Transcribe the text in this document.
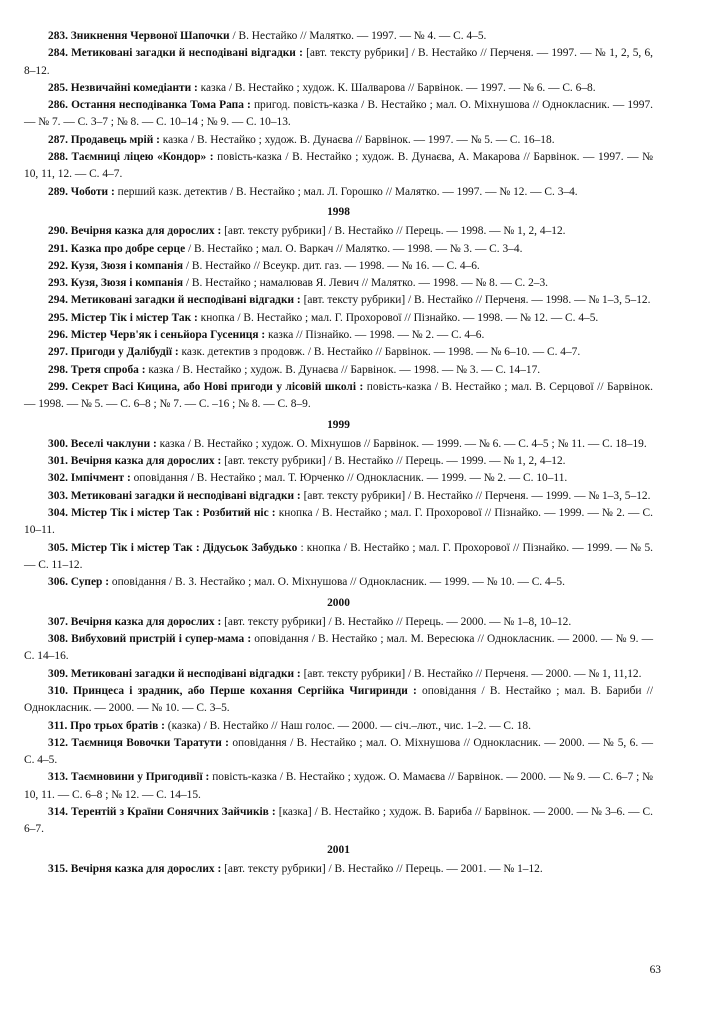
283. Зникнення Червоної Шапочки / В. Нестайко // Малятко. — 1997. — № 4. — С. 4–5.

284. Метиковані загадки й несподівані відгадки : [авт. тексту рубрики] / В. Нестайко // Перченя. — 1997. — № 1, 2, 5, 6, 8–12.

285. Незвичайні комедіанти : казка / В. Нестайко ; худож. К. Шалварова // Барвінок. — 1997. — № 6. — С. 6–8.

286. Остання несподіванка Тома Рапа : пригод. повість-казка / В. Нестайко ; мал. О. Міхнушова // Однокласник. — 1997. — № 7. — С. 3–7 ; № 8. — С. 10–14 ; № 9. — С. 10–13.

287. Продавець мрій : казка / В. Нестайко ; худож. В. Дунаєва // Барвінок. — 1997. — № 5. — С. 16–18.

288. Таємниці ліцею «Кондор» : повість-казка / В. Нестайко ; худож. В. Дунаєва, А. Макарова // Барвінок. — 1997. — № 10, 11, 12. — С. 4–7.

289. Чоботи : перший казк. детектив / В. Нестайко ; мал. Л. Горошко // Малятко. — 1997. — № 12. — С. 3–4.

1998

290. Вечірня казка для дорослих : [авт. тексту рубрики] / В. Нестайко // Перець. — 1998. — № 1, 2, 4–12.

291. Казка про добре серце / В. Нестайко ; мал. О. Варкач // Малятко. — 1998. — № 3. — С. 3–4.

292. Кузя, Зюзя і компанія / В. Нестайко // Всеукр. дит. газ. — 1998. — № 16. — С. 4–6.

293. Кузя, Зюзя і компанія / В. Нестайко ; намалював Я. Левич // Малятко. — 1998. — № 8. — С. 2–3.

294. Метиковані загадки й несподівані відгадки : [авт. тексту рубрики] / В. Нестайко // Перченя. — 1998. — № 1–3, 5–12.

295. Містер Тік і містер Так : кнопка / В. Нестайко ; мал. Г. Прохорової // Пізнайко. — 1998. — № 12. — С. 4–5.

296. Містер Черв'як і сеньйора Гусениця : казка // Пізнайко. — 1998. — № 2. — С. 4–6.

297. Пригоди у Далібудії : казк. детектив з продовж. / В. Нестайко // Барвінок. — 1998. — № 6–10. — С. 4–7.

298. Третя спроба : казка / В. Нестайко ; худож. В. Дунаєва // Барвінок. — 1998. — № 3. — С. 14–17.

299. Секрет Васі Кицина, або Нові пригоди у лісовій школі : повість-казка / В. Нестайко ; мал. В. Серцової // Барвінок. — 1998. — № 5. — С. 6–8 ; № 7. — С. –16 ; № 8. — С. 8–9.

1999

300. Веселі чаклуни : казка / В. Нестайко ; худож. О. Міхнушов // Барвінок. — 1999. — № 6. — С. 4–5 ; № 11. — С. 18–19.

301. Вечірня казка для дорослих : [авт. тексту рубрики] / В. Нестайко // Перець. — 1999. — № 1, 2, 4–12.

302. Імпічмент : оповідання / В. Нестайко ; мал. Т. Юрченко // Однокласник. — 1999. — № 2. — С. 10–11.

303. Метиковані загадки й несподівані відгадки : [авт. тексту рубрики] / В. Нестайко // Перченя. — 1999. — № 1–3, 5–12.

304. Містер Тік і містер Так : Розбитий ніс : кнопка / В. Нестайко ; мал. Г. Прохорової // Пізнайко. — 1999. — № 2. — С. 10–11.

305. Містер Тік і містер Так : Дідусьок Забудько : кнопка / В. Нестайко ; мал. Г. Прохорової // Пізнайко. — 1999. — № 5. — С. 11–12.

306. Супер : оповідання / В. З. Нестайко ; мал. О. Міхнушова // Однокласник. — 1999. — № 10. — С. 4–5.

2000

307. Вечірня казка для дорослих : [авт. тексту рубрики] / В. Нестайко // Перець. — 2000. — № 1–8, 10–12.

308. Вибуховий пристрій і супер-мама : оповідання / В. Нестайко ; мал. М. Вересюка // Однокласник. — 2000. — № 9. — С. 14–16.

309. Метиковані загадки й несподівані відгадки : [авт. тексту рубрики] / В. Нестайко // Перченя. — 2000. — № 1, 11,12.

310. Принцеса і зрадник, або Перше кохання Сергійка Чигиринди : оповідання / В. Нестайко ; мал. В. Бариби // Однокласник. — 2000. — № 10. — С. 3–5.

311. Про трьох братів : (казка) / В. Нестайко // Наш голос. — 2000. — січ.–лют., чис. 1–2. — С. 18.

312. Таємниця Вовочки Таратути : оповідання / В. Нестайко ; мал. О. Міхнушова // Однокласник. — 2000. — № 5, 6. — С. 4–5.

313. Таємновини у Пригодивії : повість-казка / В. Нестайко ; худож. О. Мамаєва // Барвінок. — 2000. — № 9. — С. 6–7 ; № 10, 11. — С. 6–8 ; № 12. — С. 14–15.

314. Терентій з Країни Сонячних Зайчиків : [казка] / В. Нестайко ; худож. В. Бариба // Барвінок. — 2000. — № 3–6. — С. 6–7.

2001

315. Вечірня казка для дорослих : [авт. тексту рубрики] / В. Нестайко // Перець. — 2001. — № 1–12.

63
